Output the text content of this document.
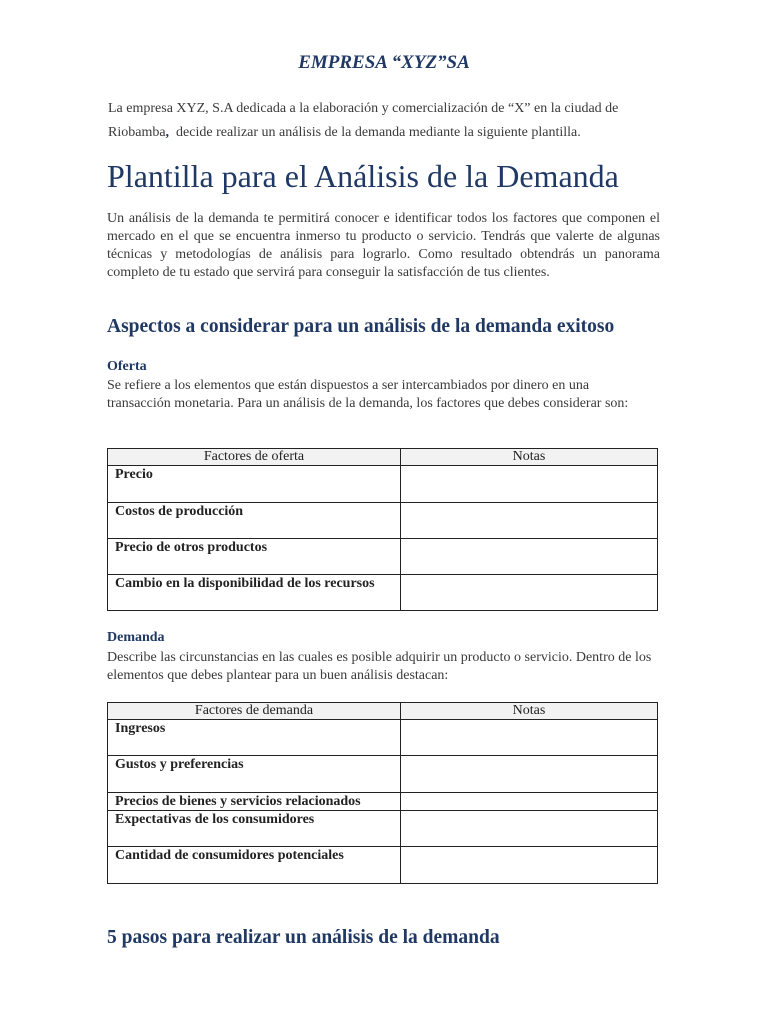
EMPRESA “XYZ”SA

La empresa XYZ, S.A dedicada a la elaboración y comercialización de “X” en la ciudad de
Riobamba,  decide realizar un análisis de la demanda mediante la siguiente plantilla.
Plantilla para el Análisis de la Demanda

Un análisis de la demanda te permitirá conocer e identificar todos los factores que componen el mercado en el que se encuentra inmerso tu producto o servicio. Tendrás que valerte de algunas técnicas y metodologías de análisis para lograrlo. Como resultado obtendrás un panorama completo de tu estado que servirá para conseguir la satisfacción de tus clientes.

Aspectos a considerar para un análisis de la demanda exitoso
Oferta

Se refiere a los elementos que están dispuestos a ser intercambiados por dinero en una transacción monetaria. Para un análisis de la demanda, los factores que debes considerar son:

Factores de oferta	Notas
Precio	
Costos de producción	
Precio de otros productos	
Cambio en la disponibilidad de los recursos	
Demanda

Describe las circunstancias en las cuales es posible adquirir un producto o servicio. Dentro de los elementos que debes plantear para un buen análisis destacan:

Factores de demanda	Notas
Ingresos	
Gustos y preferencias	
Precios de bienes y servicios relacionados	
Expectativas de los consumidores	
Cantidad de consumidores potenciales	
5 pasos para realizar un análisis de la demanda
